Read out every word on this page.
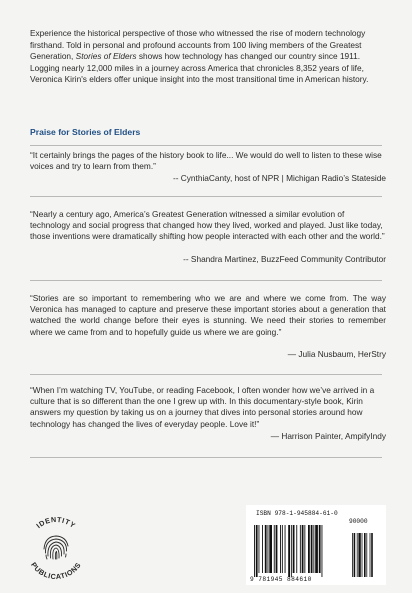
Experience the historical perspective of those who witnessed the rise of modern technology firsthand. Told in personal and profound accounts from 100 living members of the Greatest Generation, Stories of Elders shows how technology has changed our country since 1911. Logging nearly 12,000 miles in a journey across America that chronicles 8,352 years of life, Veronica Kirin's elders offer unique insight into the most transitional time in American history.

Praise for Stories of Elders

“It certainly brings the pages of the history book to life... We would do well to listen to these wise voices and try to learn from them.”

-- CynthiaCanty, host of NPR | Michigan Radio’s Stateside

“Nearly a century ago, America’s Greatest Generation witnessed a similar evolution of technology and social progress that changed how they lived, worked and played. Just like today, those inventions were dramatically shifting how people interacted with each other and the world.”

-- Shandra Martinez, BuzzFeed Community Contributor

“Stories are so important to remembering who we are and where we come from. The way Veronica has managed to capture and preserve these important stories about a generation that watched the world change before their eyes is stunning. We need their stories to remember where we came from and to hopefully guide us where we are going.”

— Julia Nusbaum, HerStry

“When I’m watching TV, YouTube, or reading Facebook, I often wonder how we’ve arrived in a culture that is so different than the one I grew up with. In this documentary-style book, Kirin answers my question by taking us on a journey that dives into personal stories around how technology has changed the lives of everyday people. Love it!”

— Harrison Painter, AmpifyIndy
IDENTITY
PUBLICATIONS
ISBN 978-1-945884-61-0
90000
9 781945 884610
